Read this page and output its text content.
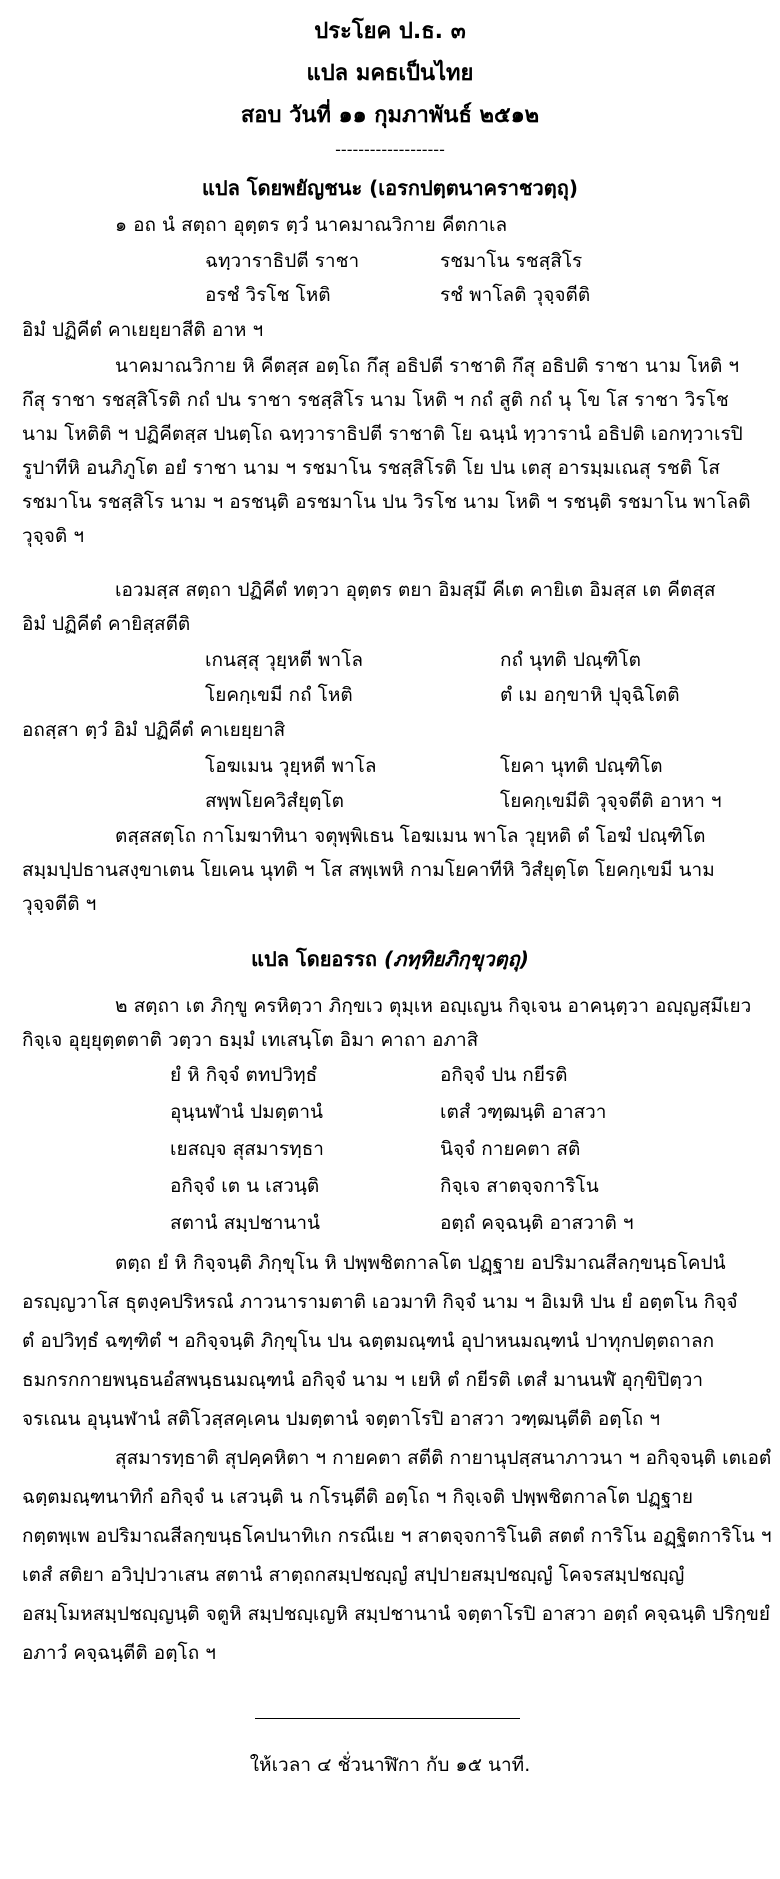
ประโยค ป.ธ. ๓
แปล มคธเป็นไทย
สอบ วันที่ ๑๑ กุมภาพันธ์ ๒๕๑๒
-------------------
แปล โดยพยัญชนะ (เอรกปตฺตนาคราชวตฺถุ)
๑ อถ นํ สตฺถา อุตฺตร ตฺวํ นาคมาณวิกาย คีตกาเล
ฉทฺวาราธิปตี ราชา	รชมาโน รชสฺสิโร
อรชํ วิรโช โหติ	รชํ พาโลติ วุจฺจตีติ
อิมํ ปฏิคีตํ คาเยยฺยาสีติ อาห ฯ
นาคมาณวิกาย หิ คีตสฺส อตฺโถ กึสุ อธิปตี ราชาติ กึสุ อธิปติ ราชา นาม โหติ ฯ
กึสุ ราชา รชสฺสิโรติ กถํ ปน ราชา รชสฺสิโร นาม โหติ ฯ กถํ สูติ กถํ นุ โข โส ราชา วิรโช
นาม โหติติ ฯ ปฏิคีตสฺส ปนตฺโถ ฉทฺวาราธิปตี ราชาติ โย ฉนฺนํ ทฺวารานํ อธิปติ เอกทฺวาเรปิ
รูปาทีหิ อนภิภูโต อยํ ราชา นาม ฯ รชมาโน รชสฺสิโรติ โย ปน เตสุ อารมฺมเณสุ รชติ โส
รชมาโน รชสฺสิโร นาม ฯ อรชนฺติ อรชมาโน ปน วิรโช นาม โหติ ฯ รชนฺติ รชมาโน พาโลติ
วุจฺจติ ฯ
เอวมสฺส สตฺถา ปฏิคีตํ ทตฺวา อุตฺตร ตยา อิมสฺมึ คีเต คายิเต อิมสฺส เต คีตสฺส
อิมํ ปฏิคีตํ คายิสฺสตีติ
เกนสฺสุ วุยฺหตี พาโล	กถํ นุทติ ปณฺฑิโต
โยคกฺเขมี กถํ โหติ	ตํ เม อกฺขาหิ ปุจฺฉิโตติ
อถสฺสา ตฺวํ อิมํ ปฏิคีตํ คาเยยฺยาสิ
โอฆเมน วุยฺหตี พาโล	โยคา นุทติ ปณฺฑิโต
สพฺพโยควิสํยุตฺโต	โยคกฺเขมีติ วุจฺจตีติ อาหา ฯ
ตสฺสสตฺโถ กาโมฆาทินา จตุพฺพิเธน โอฆเมน พาโล วุยฺหติ ตํ โอฆํ ปณฺฑิโต
สมฺมปฺปธานสงฺขาเตน โยเคน นุทติ ฯ โส สพฺเพหิ กามโยคาทีหิ วิสํยุตฺโต โยคกฺเขมี นาม
วุจฺจตีติ ฯ
แปล โดยอรรถ (ภทฺทิยภิกฺขุวตฺถุ)
๒ สตฺถา เต ภิกฺขู ครหิตฺวา ภิกฺขเว ตุมฺเห อญฺเญน กิจฺเจน อาคนฺตฺวา อญฺญสฺมึเยว
กิจฺเจ อุยฺยุตฺตตาติ วตฺวา ธมฺมํ เทเสนฺโต อิมา คาถา อภาสิ
ยํ หิ กิจฺจํ ตทปวิทฺธํ	อกิจฺจํ ปน กยีรติ
อุนฺนฬานํ ปมตฺตานํ	เตสํ วฑฺฒนฺติ อาสวา
เยสญฺจ สุสมารทฺธา	นิจฺจํ กายคตา สติ
อกิจฺจํ เต น เสวนฺติ	กิจฺเจ สาตจฺจการิโน
สตานํ สมฺปชานานํ	อตฺถํ คจฺฉนฺติ อาสวาติ ฯ
ตตฺถ ยํ หิ กิจฺจนฺติ ภิกฺขุโน หิ ปพฺพชิตกาลโต ปฏฺฐาย อปริมาณสีลกฺขนฺธโคปนํ
อรญฺญวาโส ธุตงฺคปริหรณํ ภาวนารามตาติ เอวมาทิ กิจฺจํ นาม ฯ อิเมหิ ปน ยํ อตฺตโน กิจฺจํ
ตํ อปวิทฺธํ ฉฑฺฑิตํ ฯ อกิจฺจนฺติ ภิกฺขุโน ปน ฉตฺตมณฺฑนํ อุปาหนมณฺฑนํ ปาทุกปตฺตถาลก
ธมกรกกายพนฺธนอํสพนฺธนมณฺฑนํ อกิจฺจํ นาม ฯ เยหิ ตํ กยีรติ เตสํ มานนฬํ อุกฺขิปิตฺวา
จรเณน อุนฺนฬานํ สติโวสฺสคฺเคน ปมตฺตานํ จตฺตาโรปิ อาสวา วฑฺฒนฺตีติ อตฺโถ ฯ
สุสมารทฺธาติ สุปคฺคหิตา ฯ กายคตา สตีติ กายานุปสฺสนาภาวนา ฯ อกิจฺจนฺติ เตเอตํ
ฉตฺตมณฺฑนาทิกํ อกิจฺจํ น เสวนฺติ น กโรนฺตีติ อตฺโถ ฯ กิจฺเจติ ปพฺพชิตกาลโต ปฏฺฐาย
กตฺตพฺเพ อปริมาณสีลกฺขนฺธโคปนาทิเก กรณีเย ฯ สาตจฺจการิโนติ สตตํ การิโน อฏฺฐิตการิโน ฯ
เตสํ สติยา อวิปฺปวาเสน สตานํ สาตฺถกสมฺปชญฺญํ สปฺปายสมฺปชญฺญํ โคจรสมฺปชญฺญํ
อสมฺโมหสมฺปชญฺญนฺติ จตูหิ สมฺปชญฺเญหิ สมฺปชานานํ จตฺตาโรปิ อาสวา อตฺถํ คจฺฉนฺติ ปริกฺขยํ
อภาวํ คจฺฉนฺตีติ อตฺโถ ฯ
ให้เวลา ๔ ชั่วนาฬิกา กับ ๑๕ นาที.
